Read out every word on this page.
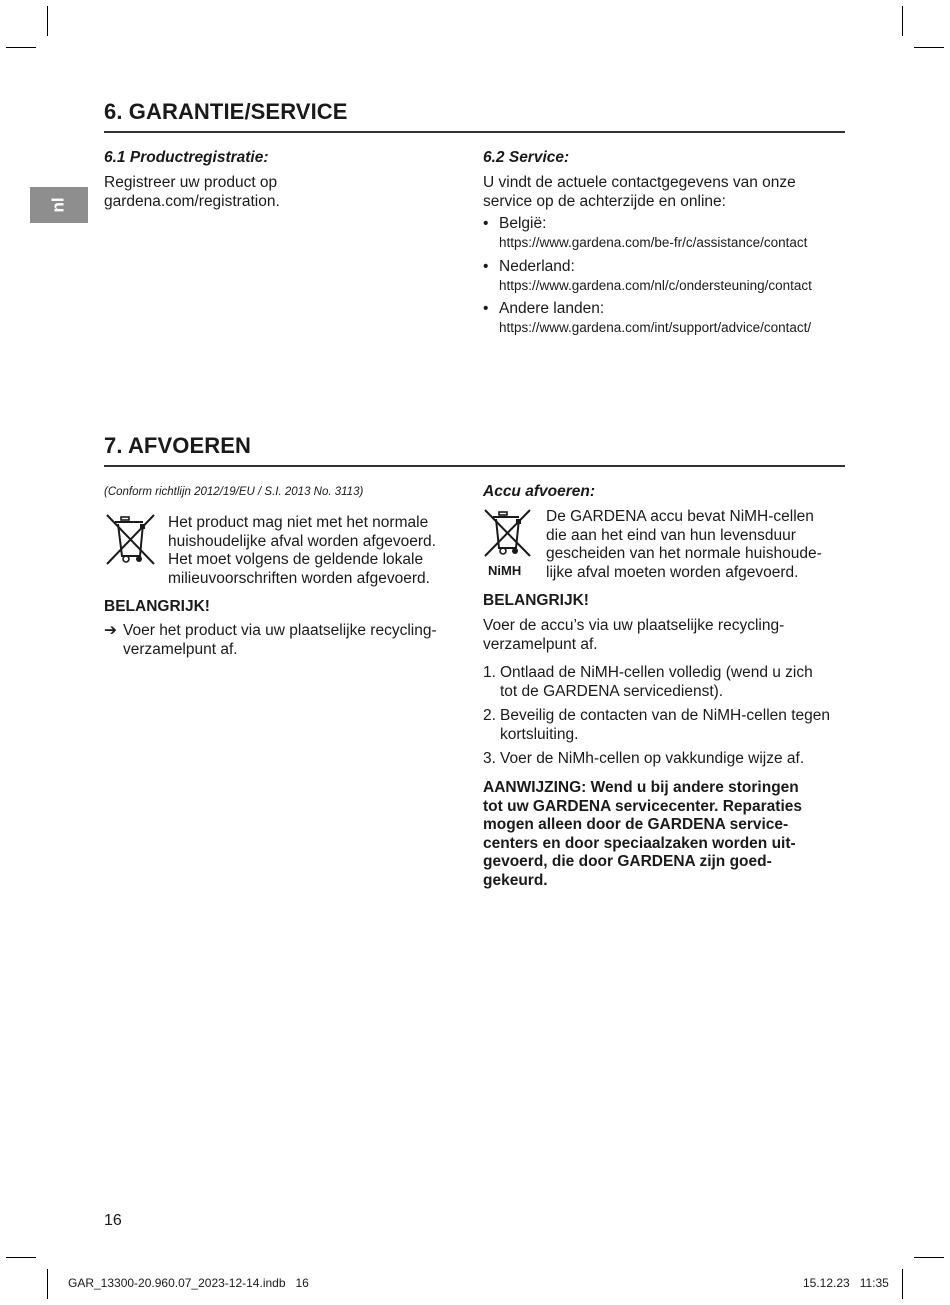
nl
6. GARANTIE/SERVICE
6.1 Productregistratie:
Registreer uw product op
gardena.com/registration.
6.2 Service:
U vindt de actuele contactgegevens van onze
service op de achterzijde en online:
• België:
https://www.gardena.com/be-fr/c/assistance/contact
• Nederland:
https://www.gardena.com/nl/c/ondersteuning/contact
• Andere landen:
https://www.gardena.com/int/support/advice/contact/
7. AFVOEREN
(Conform richtlijn 2012/19/EU / S.I. 2013 No. 3113)
Het product mag niet met het normale
huishoudelijke afval worden afgevoerd.
Het moet volgens de geldende lokale
milieuvoorschriften worden afgevoerd.
BELANGRIJK!
➔ Voer het product via uw plaatselijke recycling-
verzamelpunt af.
Accu afvoeren:
NiMH
De GARDENA accu bevat NiMH-cellen
die aan het eind van hun levensduur
gescheiden van het normale huishoude-
lijke afval moeten worden afgevoerd.
BELANGRIJK!
Voer de accu’s via uw plaatselijke recycling-
verzamelpunt af.
1. Ontlaad de NiMH-cellen volledig (wend u zich
tot de GARDENA servicedienst).
2. Beveilig de contacten van de NiMH-cellen tegen
kortsluiting.
3. Voer de NiMh-cellen op vakkundige wijze af.
AANWIJZING: Wend u bij andere storingen
tot uw GARDENA servicecenter. Reparaties
mogen alleen door de GARDENA service-
centers en door speciaalzaken worden uit-
gevoerd, die door GARDENA zijn goed-
gekeurd.
16
GAR_13300-20.960.07_2023-12-14.indb   16	15.12.23   11:35
